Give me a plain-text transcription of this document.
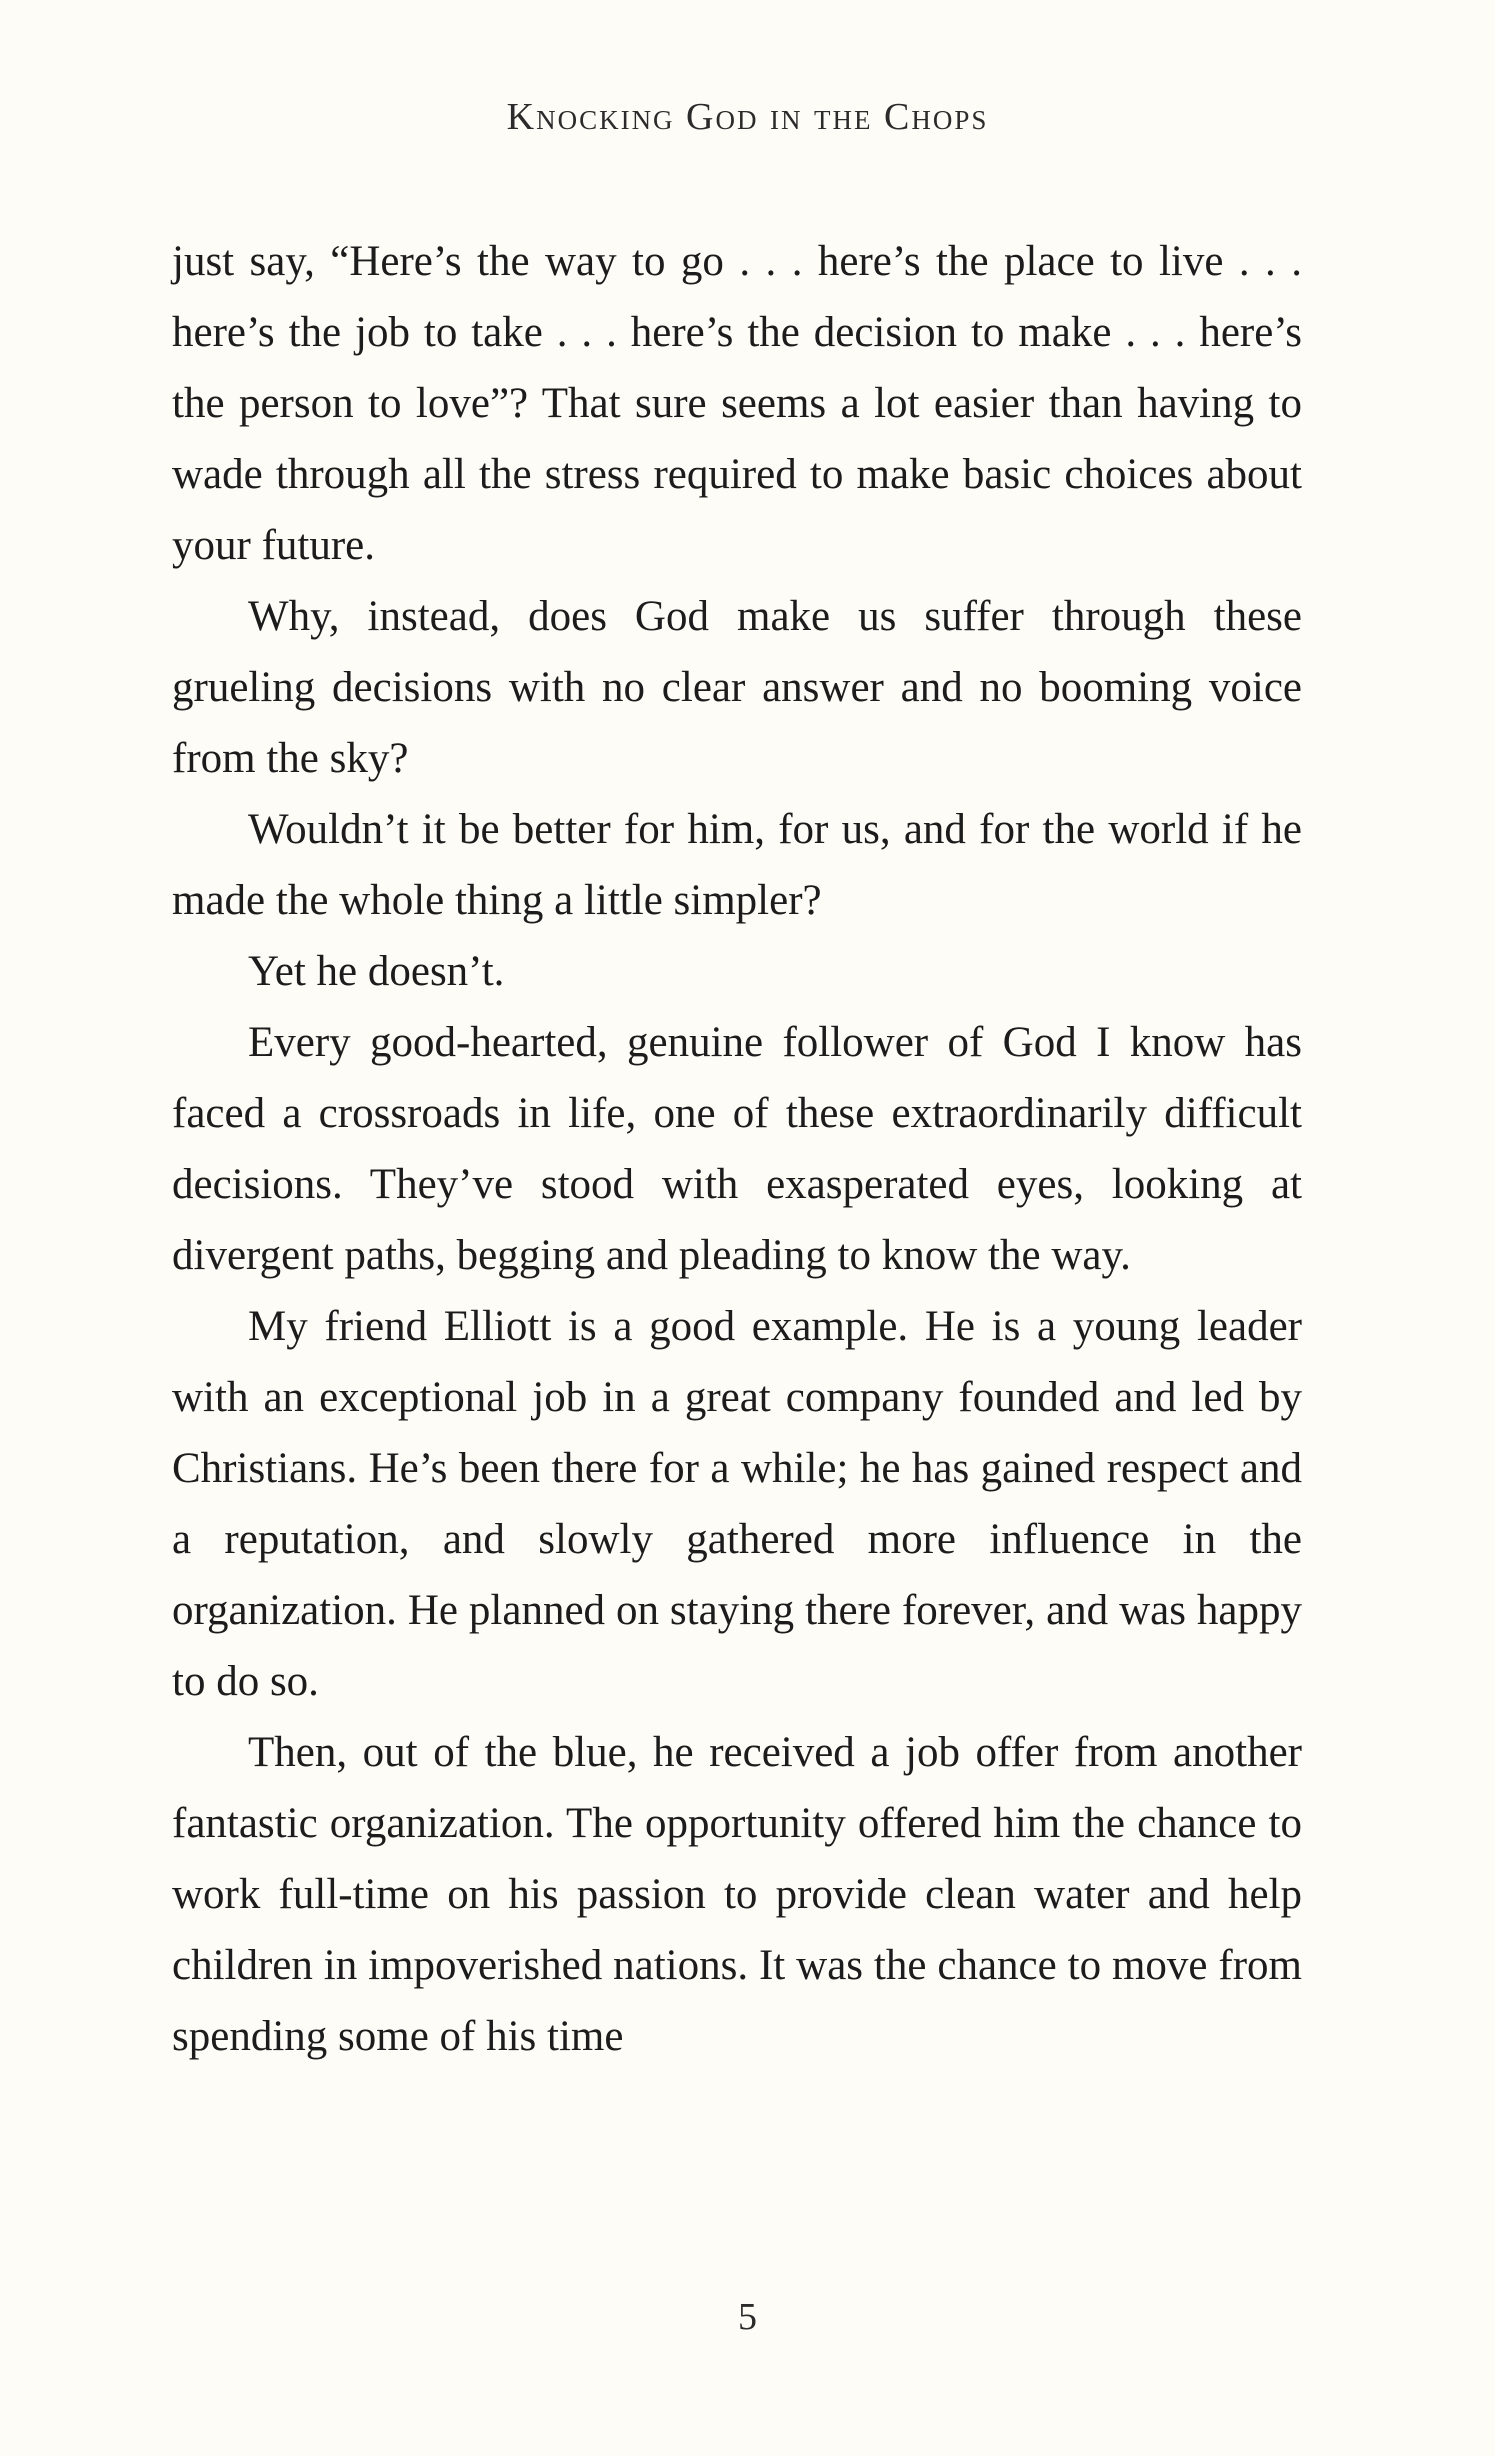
Knocking God in the Chops

just say, “Here’s the way to go . . . here’s the place to live . . . here’s the job to take . . . here’s the decision to make . . . here’s the person to love”? That sure seems a lot easier than having to wade through all the stress required to make basic choices about your future.

Why, instead, does God make us suffer through these grueling decisions with no clear answer and no booming voice from the sky?

Wouldn’t it be better for him, for us, and for the world if he made the whole thing a little simpler?

Yet he doesn’t.

Every good-hearted, genuine follower of God I know has faced a crossroads in life, one of these extraordinarily difficult decisions. They’ve stood with exasperated eyes, looking at divergent paths, begging and pleading to know the way.

My friend Elliott is a good example. He is a young leader with an exceptional job in a great company founded and led by Christians. He’s been there for a while; he has gained respect and a reputation, and slowly gathered more influence in the organization. He planned on staying there forever, and was happy to do so.

Then, out of the blue, he received a job offer from another fantastic organization. The opportunity offered him the chance to work full-time on his passion to provide clean water and help children in impoverished nations. It was the chance to move from spending some of his time

5
